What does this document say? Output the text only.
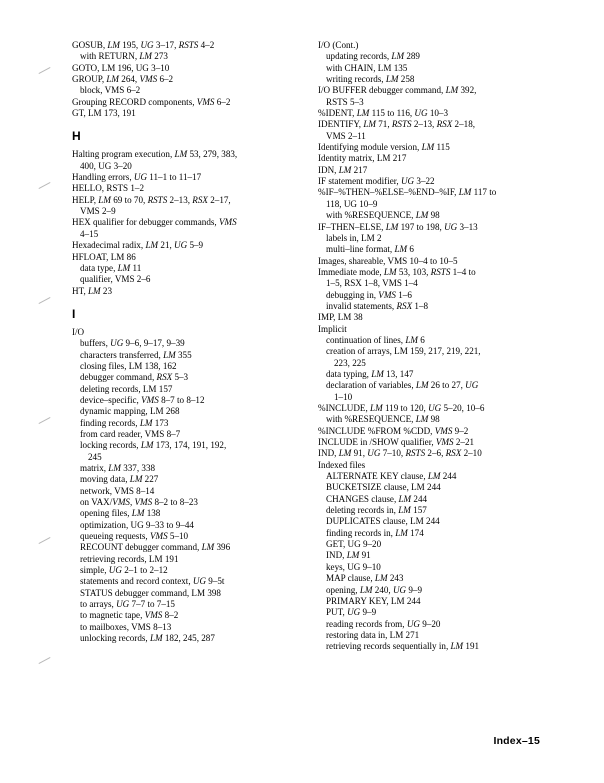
GOSUB, LM 195, UG 3–17, RSTS 4–2
with RETURN, LM 273
GOTO, LM 196, UG 3–10
GROUP, LM 264, VMS 6–2
block, VMS 6–2
Grouping RECORD components, VMS 6–2
GT, LM 173, 191
H
Halting program execution, LM 53, 279, 383,
400, UG 3–20
Handling errors, UG 11–1 to 11–17
HELLO, RSTS 1–2
HELP, LM 69 to 70, RSTS 2–13, RSX 2–17,
VMS 2–9
HEX qualifier for debugger commands, VMS
4–15
Hexadecimal radix, LM 21, UG 5–9
HFLOAT, LM 86
data type, LM 11
qualifier, VMS 2–6
HT, LM 23
I
I/O
buffers, UG 9–6, 9–17, 9–39
characters transferred, LM 355
closing files, LM 138, 162
debugger command, RSX 5–3
deleting records, LM 157
device–specific, VMS 8–7 to 8–12
dynamic mapping, LM 268
finding records, LM 173
from card reader, VMS 8–7
locking records, LM 173, 174, 191, 192,
245
matrix, LM 337, 338
moving data, LM 227
network, VMS 8–14
on VAX/VMS, VMS 8–2 to 8–23
opening files, LM 138
optimization, UG 9–33 to 9–44
queueing requests, VMS 5–10
RECOUNT debugger command, LM 396
retrieving records, LM 191
simple, UG 2–1 to 2–12
statements and record context, UG 9–5t
STATUS debugger command, LM 398
to arrays, UG 7–7 to 7–15
to magnetic tape, VMS 8–2
to mailboxes, VMS 8–13
unlocking records, LM 182, 245, 287
I/O (Cont.)
updating records, LM 289
with CHAIN, LM 135
writing records, LM 258
I/O BUFFER debugger command, LM 392,
RSTS 5–3
%IDENT, LM 115 to 116, UG 10–3
IDENTIFY, LM 71, RSTS 2–13, RSX 2–18,
VMS 2–11
Identifying module version, LM 115
Identity matrix, LM 217
IDN, LM 217
IF statement modifier, UG 3–22
%IF–%THEN–%ELSE–%END–%IF, LM 117 to
118, UG 10–9
with %RESEQUENCE, LM 98
IF–THEN–ELSE, LM 197 to 198, UG 3–13
labels in, LM 2
multi–line format, LM 6
Images, shareable, VMS 10–4 to 10–5
Immediate mode, LM 53, 103, RSTS 1–4 to
1–5, RSX 1–8, VMS 1–4
debugging in, VMS 1–6
invalid statements, RSX 1–8
IMP, LM 38
Implicit
continuation of lines, LM 6
creation of arrays, LM 159, 217, 219, 221,
223, 225
data typing, LM 13, 147
declaration of variables, LM 26 to 27, UG
1–10
%INCLUDE, LM 119 to 120, UG 5–20, 10–6
with %RESEQUENCE, LM 98
%INCLUDE %FROM %CDD, VMS 9–2
INCLUDE in /SHOW qualifier, VMS 2–21
IND, LM 91, UG 7–10, RSTS 2–6, RSX 2–10
Indexed files
ALTERNATE KEY clause, LM 244
BUCKETSIZE clause, LM 244
CHANGES clause, LM 244
deleting records in, LM 157
DUPLICATES clause, LM 244
finding records in, LM 174
GET, UG 9–20
IND, LM 91
keys, UG 9–10
MAP clause, LM 243
opening, LM 240, UG 9–9
PRIMARY KEY, LM 244
PUT, UG 9–9
reading records from, UG 9–20
restoring data in, LM 271
retrieving records sequentially in, LM 191
Index–15
